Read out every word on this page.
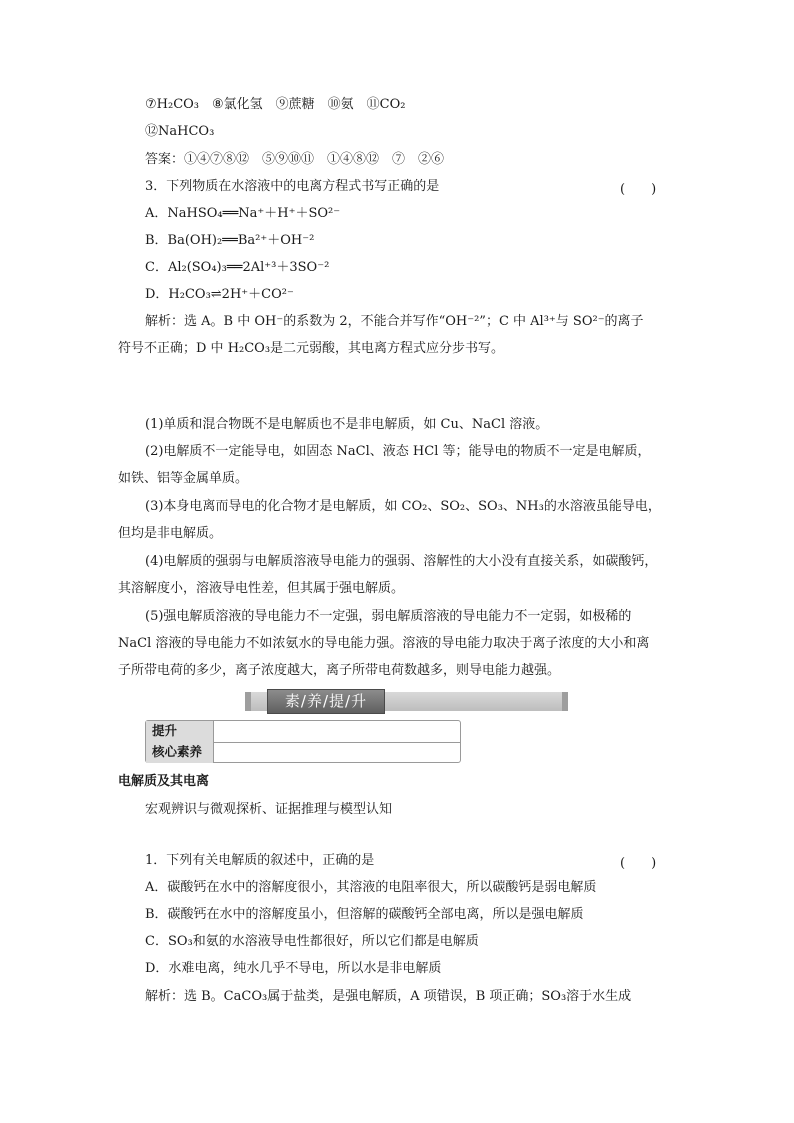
⑦H₂CO₃　⑧氯化氢　⑨蔗糖　⑩氨　⑪CO₂
⑫NaHCO₃
答案：①④⑦⑧⑫　⑤⑨⑩⑪　①④⑧⑫　⑦　②⑥
3．下列物质在水溶液中的电离方程式书写正确的是	(　　)
A．NaHSO₄══Na⁺＋H⁺＋SO²⁻
B．Ba(OH)₂══Ba²⁺＋OH⁻²
C．Al₂(SO₄)₃══2Al⁺³＋3SO⁻²
D．H₂CO₃⇌2H⁺＋CO²⁻
解析：选 A。B 中 OH⁻的系数为 2，不能合并写作“OH⁻²”；C 中 Al³⁺与 SO²⁻的离子
符号不正确；D 中 H₂CO₃是二元弱酸，其电离方程式应分步书写。
(1)单质和混合物既不是电解质也不是非电解质，如 Cu、NaCl 溶液。
(2)电解质不一定能导电，如固态 NaCl、液态 HCl 等；能导电的物质不一定是电解质，
如铁、铝等金属单质。
(3)本身电离而导电的化合物才是电解质，如 CO₂、SO₂、SO₃、NH₃的水溶液虽能导电，
但均是非电解质。
(4)电解质的强弱与电解质溶液导电能力的强弱、溶解性的大小没有直接关系，如碳酸钙，
其溶解度小，溶液导电性差，但其属于强电解质。
(5)强电解质溶液的导电能力不一定强，弱电解质溶液的导电能力不一定弱，如极稀的
NaCl 溶液的导电能力不如浓氨水的导电能力强。溶液的导电能力取决于离子浓度的大小和离
子所带电荷的多少，离子浓度越大，离子所带电荷数越多，则导电能力越强。
素/养/提/升
提升
核心素养
电解质及其电离
宏观辨识与微观探析、证据推理与模型认知
1．下列有关电解质的叙述中，正确的是	(　　)
A．碳酸钙在水中的溶解度很小，其溶液的电阻率很大，所以碳酸钙是弱电解质
B．碳酸钙在水中的溶解度虽小，但溶解的碳酸钙全部电离，所以是强电解质
C．SO₃和氨的水溶液导电性都很好，所以它们都是电解质
D．水难电离，纯水几乎不导电，所以水是非电解质
解析：选 B。CaCO₃属于盐类，是强电解质，A 项错误，B 项正确；SO₃溶于水生成
